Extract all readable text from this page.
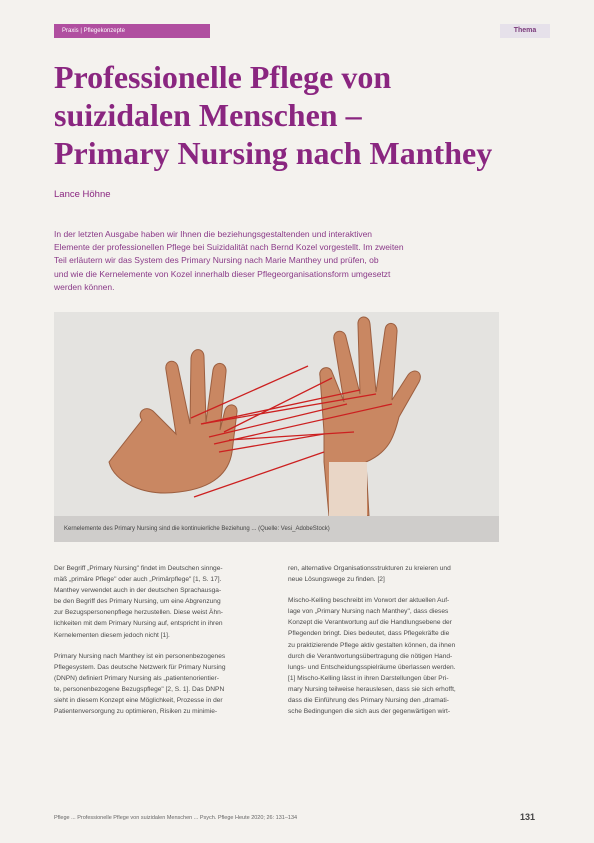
Praxis | Pflegekonzepte	Thema
Professionelle Pflege von
suizidalen Menschen –
Primary Nursing nach Manthey
Lance Höhne

In der letzten Ausgabe haben wir Ihnen die beziehungsgestaltenden und interaktiven
Elemente der professionellen Pflege bei Suizidalität nach Bernd Kozel vorgestellt. Im zweiten
Teil erläutern wir das System des Primary Nursing nach Marie Manthey und prüfen, ob
und wie die Kernelemente von Kozel innerhalb dieser Pflegeorganisationsform umgesetzt
werden können.

Kernelemente des Primary Nursing sind die kontinuierliche Beziehung ... (Quelle: Vesi_AdobeStock)

Der Begriff „Primary Nursing" findet im Deutschen sinnge-
mäß „primäre Pflege" oder auch „Primärpflege" [1, S. 17].
Manthey verwendet auch in der deutschen Sprachausga-
be den Begriff des Primary Nursing, um eine Abgrenzung
zur Bezugspersonenpflege herzustellen. Diese weist Ähn-
lichkeiten mit dem Primary Nursing auf, entspricht in ihren
Kernelementen diesem jedoch nicht [1].

Primary Nursing nach Manthey ist ein personenbezogenes
Pflegesystem. Das deutsche Netzwerk für Primary Nursing
(DNPN) definiert Primary Nursing als „patientenorientier-
te, personenbezogene Bezugspflege" [2, S. 1]. Das DNPN
sieht in diesem Konzept eine Möglichkeit, Prozesse in der
Patientenversorgung zu optimieren, Risiken zu minimie-

ren, alternative Organisationsstrukturen zu kreieren und
neue Lösungswege zu finden. [2]

Mischo-Kelling beschreibt im Vorwort der aktuellen Auf-
lage von „Primary Nursing nach Manthey", dass dieses
Konzept die Verantwortung auf die Handlungsebene der
Pflegenden bringt. Dies bedeutet, dass Pflegekräfte die
zu praktizierende Pflege aktiv gestalten können, da ihnen
durch die Verantwortungsübertragung die nötigen Hand-
lungs- und Entscheidungsspielräume überlassen werden.
[1] Mischo-Kelling lässt in ihren Darstellungen über Pri-
mary Nursing teilweise herauslesen, dass sie sich erhofft,
dass die Einführung des Primary Nursing den „dramati-
sche Bedingungen die sich aus der gegenwärtigen wirt-

Pflege ... Professionelle Pflege von suizidalen Menschen ... Psych. Pflege Heute 2020; 26: 131–134	131
